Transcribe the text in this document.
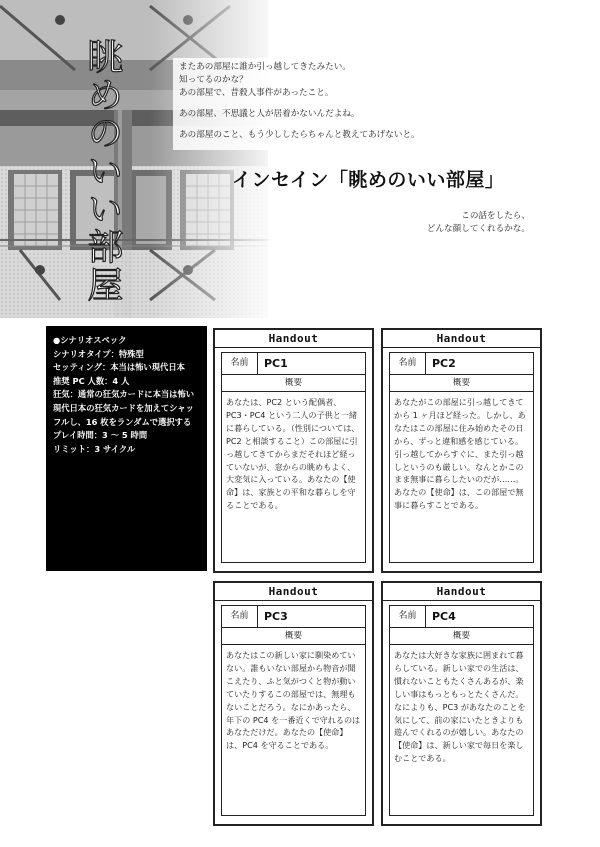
眺めのいい部屋	またあの部屋に誰か引っ越してきたみたい。

知ってるのかな？

あの部屋で、昔殺人事件があったこと。

あの部屋、不思議と人が居着かないんだよね。

あの部屋のこと、もう少ししたらちゃんと教えてあげないと。

インセイン「眺めのいい部屋」

この話をしたら、

どんな顔してくれるかな。

●シナリオスペック
シナリオタイプ：特殊型
セッティング：本当は怖い現代日本
推奨 PC 人数：4 人
狂気：通常の狂気カードに本当は怖い現代日本の狂気カードを加えてシャッフルし、16 枚をランダムで選択する
プレイ時間：3 ～ 5 時間
リミット：3 サイクル
Handout
名前	PC1
概要
あなたは、PC2 という配偶者、PC3・PC4 という二人の子供と一緒に暮らしている。（性別については、PC2 と相談すること）この部屋に引っ越してきてからまだそれほど経っていないが、窓からの眺めもよく、大変気に入っている。あなたの【使命】は、家族との平和な暮らしを守ることである。
Handout
名前	PC2
概要
あなたがこの部屋に引っ越してきてから 1 ヶ月ほど経った。しかし、あなたはこの部屋に住み始めたその日から、ずっと違和感を感じている。引っ越してからすぐに、また引っ越しというのも厳しい。なんとかこのまま無事に暮らしたいのだが……。あなたの【使命】は、この部屋で無事に暮らすことである。
Handout
名前	PC3
概要
あなたはこの新しい家に馴染めていない。誰もいない部屋から物音が聞こえたり、ふと気がつくと物が動いていたりするこの部屋では、無理もないことだろう。なにかあったら、年下の PC4 を一番近くで守れるのはあなただけだ。あなたの【使命】は、PC4 を守ることである。
Handout
名前	PC4
概要
あなたは大好きな家族に囲まれて暮らしている。新しい家での生活は、慣れないこともたくさんあるが、楽しい事はもっともっとたくさんだ。なによりも、PC3 があなたのことを気にして、前の家にいたときよりも遊んでくれるのが嬉しい。あなたの【使命】は、新しい家で毎日を楽しむことである。
